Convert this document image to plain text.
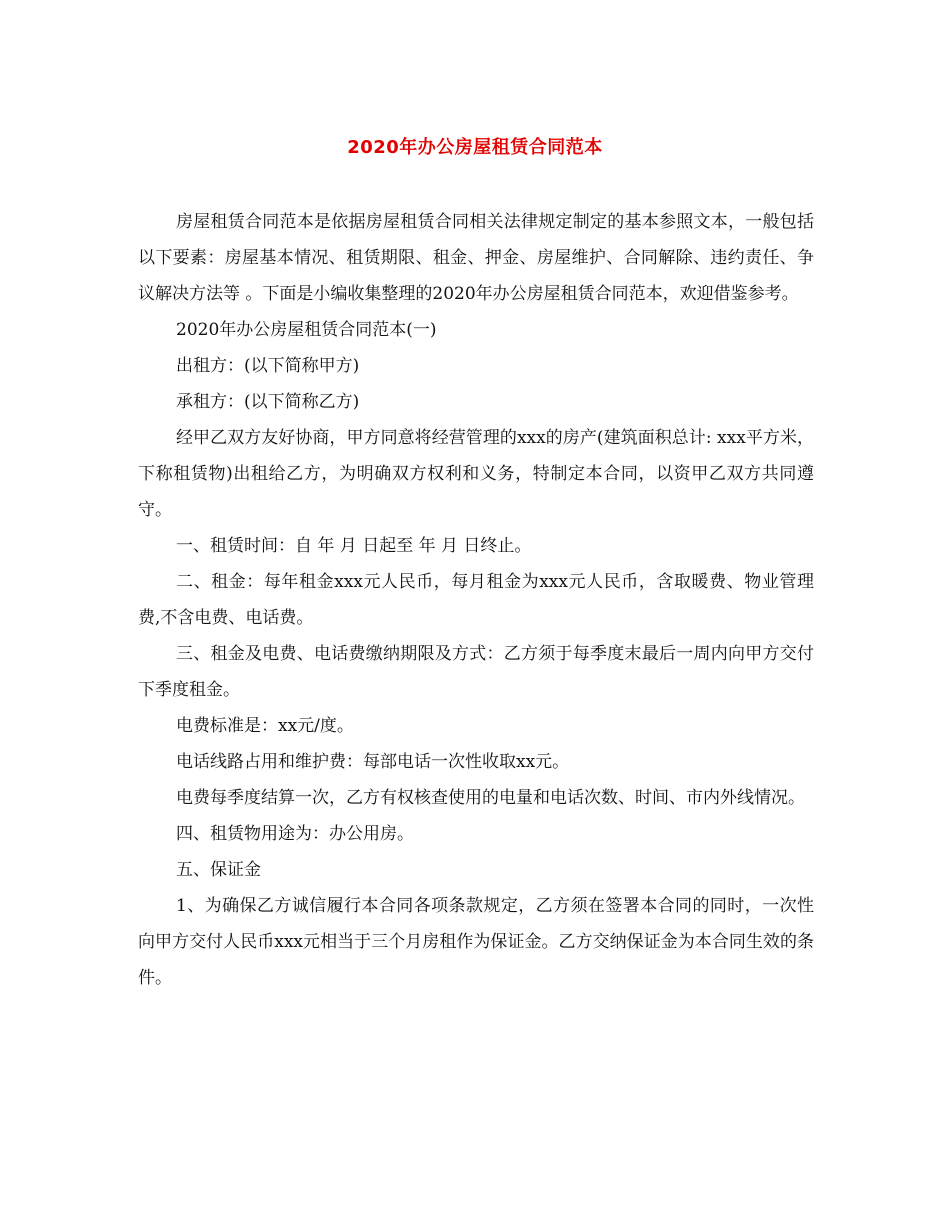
2020年办公房屋租赁合同范本

房屋租赁合同范本是依据房屋租赁合同相关法律规定制定的基本参照文本，一般包括以下要素：房屋基本情况、租赁期限、租金、押金、房屋维护、合同解除、违约责任、争议解决方法等 。下面是小编收集整理的2020年办公房屋租赁合同范本，欢迎借鉴参考。

2020年办公房屋租赁合同范本(一)

出租方：(以下简称甲方)

承租方：(以下简称乙方)

经甲乙双方友好协商，甲方同意将经营管理的xxx的房产(建筑面积总计: xxx平方米，下称租赁物)出租给乙方，为明确双方权利和义务，特制定本合同，以资甲乙双方共同遵守。

一、租赁时间：自 年 月 日起至 年 月 日终止。

二、租金：每年租金xxx元人民币，每月租金为xxx元人民币，含取暖费、物业管理费,不含电费、电话费。

三、租金及电费、电话费缴纳期限及方式：乙方须于每季度末最后一周内向甲方交付下季度租金。

电费标准是：xx元/度。

电话线路占用和维护费：每部电话一次性收取xx元。

电费每季度结算一次，乙方有权核查使用的电量和电话次数、时间、市内外线情况。

四、租赁物用途为：办公用房。

五、保证金

1、为确保乙方诚信履行本合同各项条款规定，乙方须在签署本合同的同时，一次性向甲方交付人民币xxx元相当于三个月房租作为保证金。乙方交纳保证金为本合同生效的条件。
